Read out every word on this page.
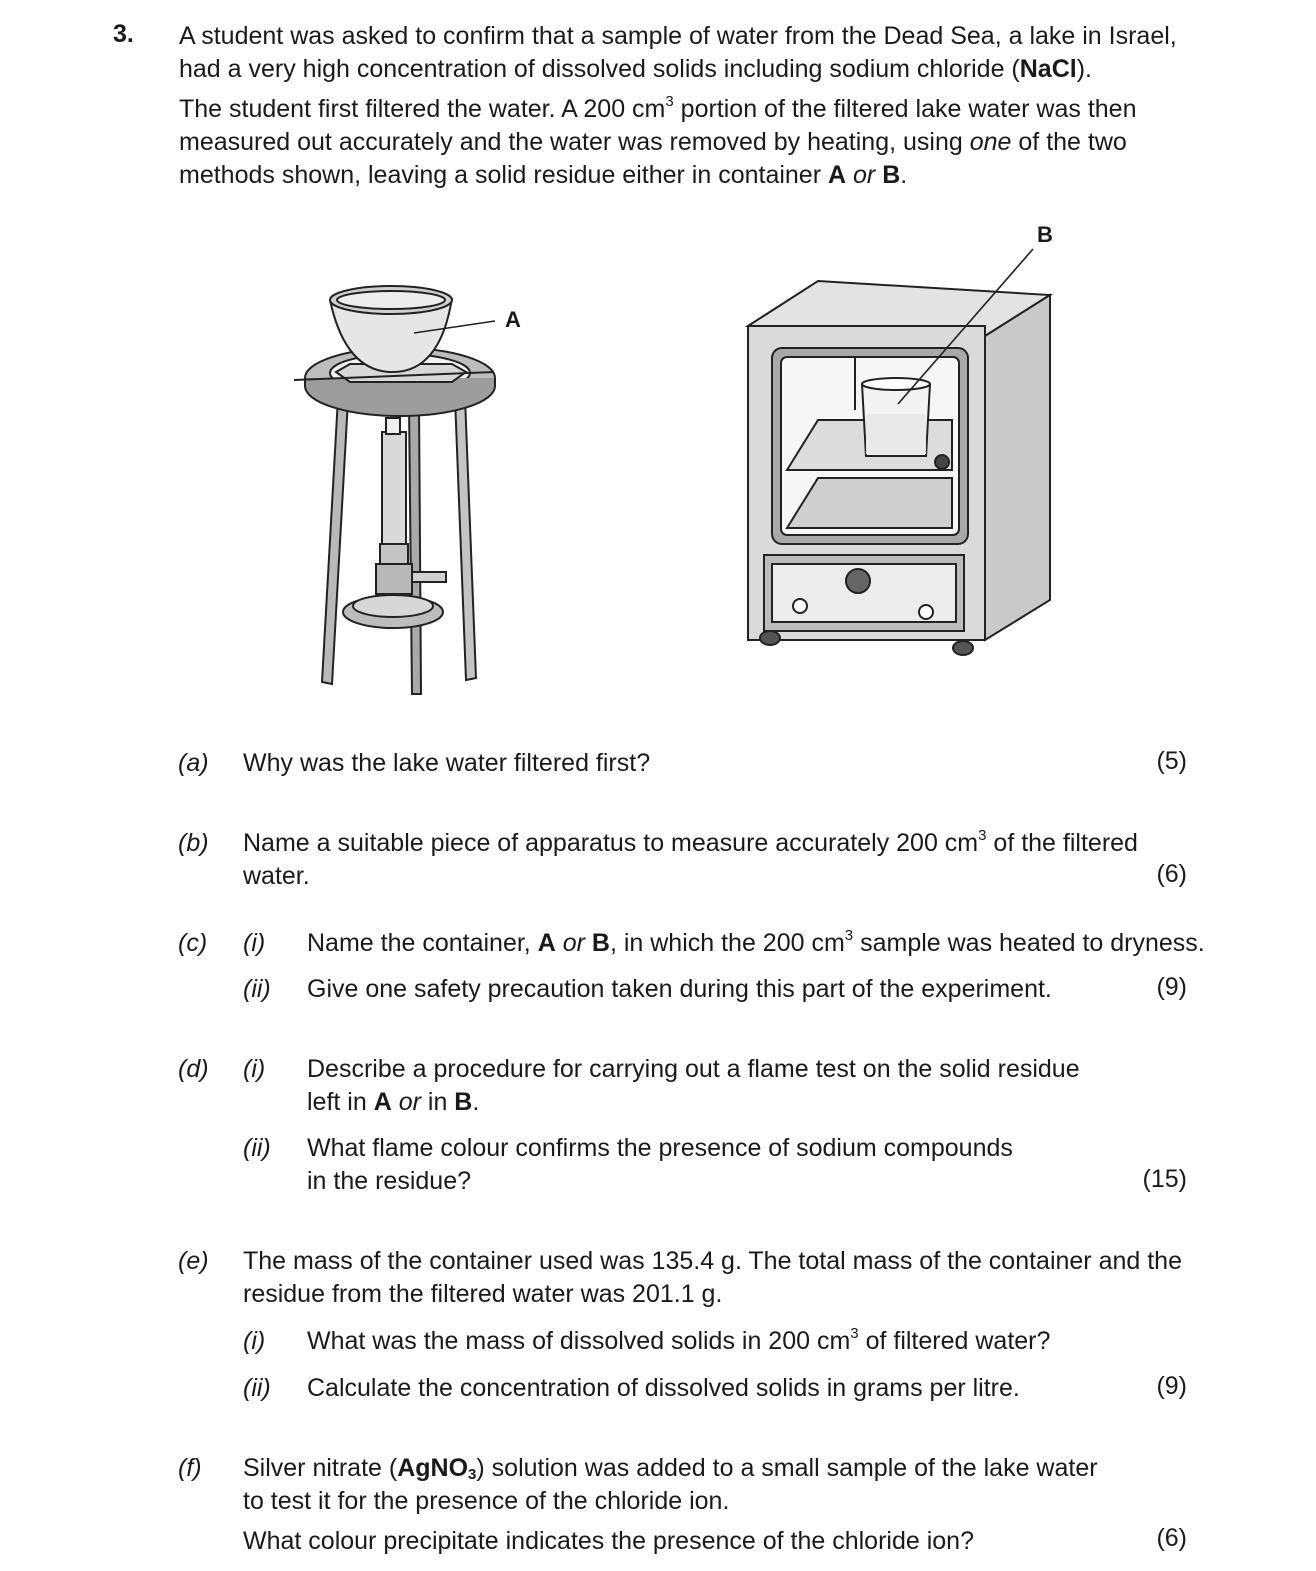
3. A student was asked to confirm that a sample of water from the Dead Sea, a lake in Israel,
had a very high concentration of dissolved solids including sodium chloride (NaCl).
The student first filtered the water. A 200 $cm^3$ portion of the filtered lake water was then
measured out accurately and the water was removed by heating, using one of the two
methods shown, leaving a solid residue either in container A or B.
A
B
(a) Why was the lake water filtered first?	(5)
(b) Name a suitable piece of apparatus to measure accurately 200 $cm^3$ of the filtered
water.	(6)
(c) (i) Name the container, A or B, in which the 200 $cm^3$ sample was heated to dryness.
(ii) Give one safety precaution taken during this part of the experiment.	(9)
(d) (i) Describe a procedure for carrying out a flame test on the solid residue
left in A or in B.
(ii) What flame colour confirms the presence of sodium compounds
in the residue?	(15)
(e) The mass of the container used was 135.4 g. The total mass of the container and the
residue from the filtered water was 201.1 g.
(i) What was the mass of dissolved solids in 200 $cm^3$ of filtered water?
(ii) Calculate the concentration of dissolved solids in grams per litre.	(9)
(f) Silver nitrate (AgNO$_3$) solution was added to a small sample of the lake water
to test it for the presence of the chloride ion.
What colour precipitate indicates the presence of the chloride ion?	(6)
